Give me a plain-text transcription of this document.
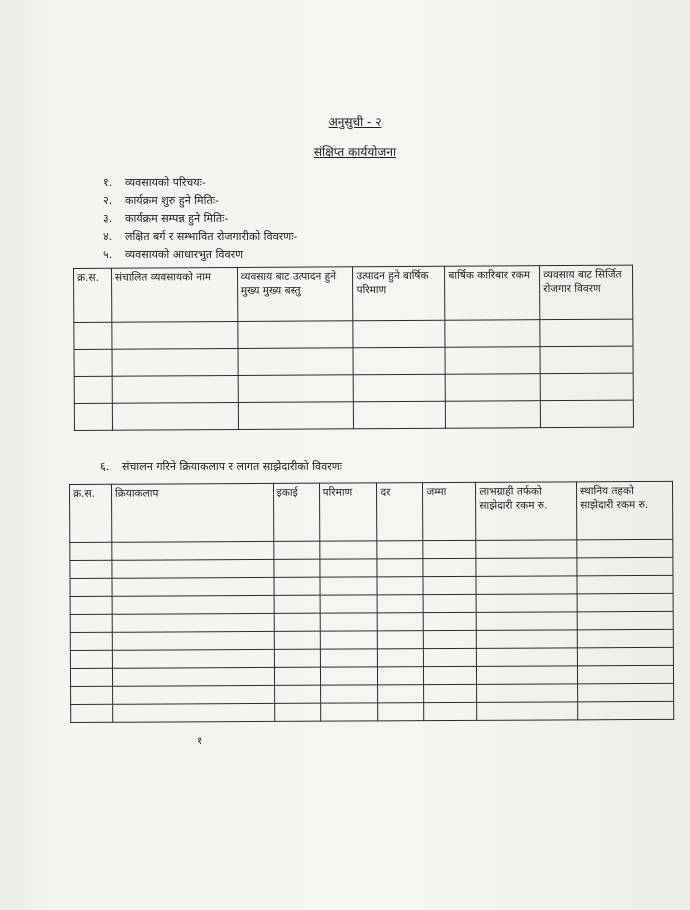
अनुसुची - २
संक्षिप्त कार्ययोजना
१. व्यवसायको परिचयः-
२. कार्यक्रम शुरु हुने मितिः-
३. कार्यक्रम सम्पन्न हुने मितिः-
४. लक्षित बर्ग र सम्भावित रोजगारीको विवरणः-
५. व्यवसायको आधारभुत विवरण
क्र.स.	संचालित व्यवसायको नाम	व्यवसाय बाट उत्पादन हुने मुख्य मुख्य बस्तु	उत्पादन हुने बार्षिक परिमाण	बार्षिक कारिबार रकम	व्यवसाय बाट सिर्जित रोजगार विवरण

६. संचालन गरिने क्रियाकलाप र लागत साझेदारीको विवरणः
क्र.स.	क्रियाकलाप	इकाई	परिमाण	दर	जम्मा	लाभग्राही तर्फको साझेदारी रकम रु.	स्थानिय तहको साझेदारी रकम रु.

१
